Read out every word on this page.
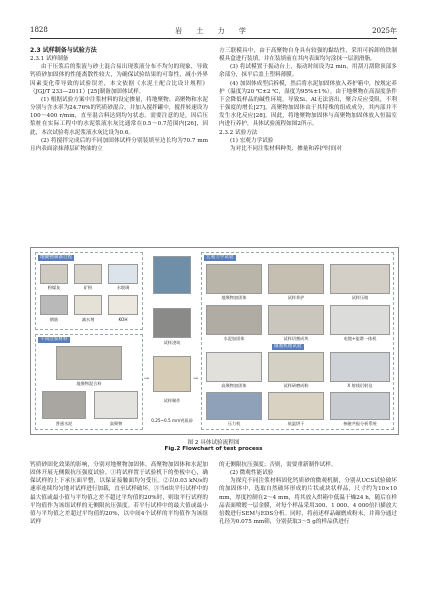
1828	岩 土 力 学	2025年

2.3 试样制备与试验方法

2.3.1 试样制备

由于压浆后的浆液与砂土混合易出现浆液分布不均匀的现象，导致钙质砂加固体的性能离散性较大，为确保试验结果的可靠性，减小外界因素变化带导致的试验误差，本文依据《水泥土配合比设计规程》（JGJ/T 233—2011）[25]制备加固体试样。

(1) 根据试验方案中注浆材料的设定掺量，将地聚物、高聚物和水泥分别与含水率为24.76%的钙质砂混合，并加入搅拌罐中，搅拌转速设为100～400 r/min，直至混合料达到均匀状态。需要注意的是，因后压浆桩在实际工程中的水泥浆液水灰比通常在0.5～0.7范围内[26]，因此，本次试验将水泥浆液水灰比设为0.6。

(2) 将搅拌完成后的不同加固体试样分别装填至边长均为70.7 mm且内表面涂抹薄层矿物油的立

方三联模具中，由于高聚物自身具有较强的黏结性，采用可拆卸的铁制模具盒进行装填，并在装填前在其内表面均匀涂抹一层润滑脂。

(3) 将试模置于振动台上，振动时间设为2 min，用刮刀刮除顶部多余部分，抹平后盖上塑料薄膜。

(4) 加固体成型后拆模，然后将水泥加固体放入养护箱中，按规定养护（温度为20 ℃±2 ℃，湿度为95%±1%）。由于地聚物在高湿度条件下会降低样品的碱性环境，导致Si、Al无法溶出，聚合反应受阻，不利于强度的增长[27]，高聚物加固体由于其特殊的组成成分，其内部并不发生水化反应[28]。因此，将地聚物加固体与高聚物加固体放入恒温室内进行养护，具体试验流程如图2所示。

2.3.2 试验方法

(1) 宏观力学试验

为对比不同注浆材料种类、掺量和养护时间对

地聚物制备过程
粉煤灰	矿粉	水玻璃
钢筋	减水剂	KOH
不同注浆材料
地聚物混合料
普通水泥	高聚物
试样浇筑
0.25~0.5 mm钙质砂
试样制作
→	→
宏观力学试验
地聚物加固体	试样养护	试样压缩
水泥加固体	试样切割成块	电镜+能谱一体机
微观机理试验
高聚物加固体	试样研磨成粉	X 射线衍射仪
压力机	低温烘干	核磁共振分析系统
图 2 具体试验流程图
Fig.2 Flowchart of test process

钙质砂固化效果的影响，分别对地聚物加固体、高聚物加固体和水泥加固体开展无侧限抗压强度试验。①将试样置于试验机下的垫板中心，确保试样的上下承压面平整，以保证接触面均匀受压。②以0.03 kN/s的速率连续均匀地对试样进行加载，直至试样破坏。③当6块平行试样中的最大值或最小值与平均值之差不超过平均值的20%时，则取平行试样的平均值作为该组试样的无侧限抗压强度。若平行试样中的最大值或最小值与平均值之差超过平均值的20%，以中间4个试样的平均值作为该组试样

的无侧限抗压强度；否则，需要重新制作试样。

(2) 微观性能试验

为探究不同注浆材料固化钙质砂的微观机制，分别从UCS试验破坏的加固体中，选取自然破坏形成的片状或块状样品，尺寸约为10×10 mm，厚度控制在2～4 mm，将其放入烘箱中低温干燥24 h，随后在样品表面喷镀一层金膜，对每个样品采用300、1 000、4 000倍扫描放大倍数进行SEM与EDS分析。同时，将前述样品碾磨成粉末，并筛分通过孔径为0.075 mm筛，分别获取3～5 g的样品供进行
